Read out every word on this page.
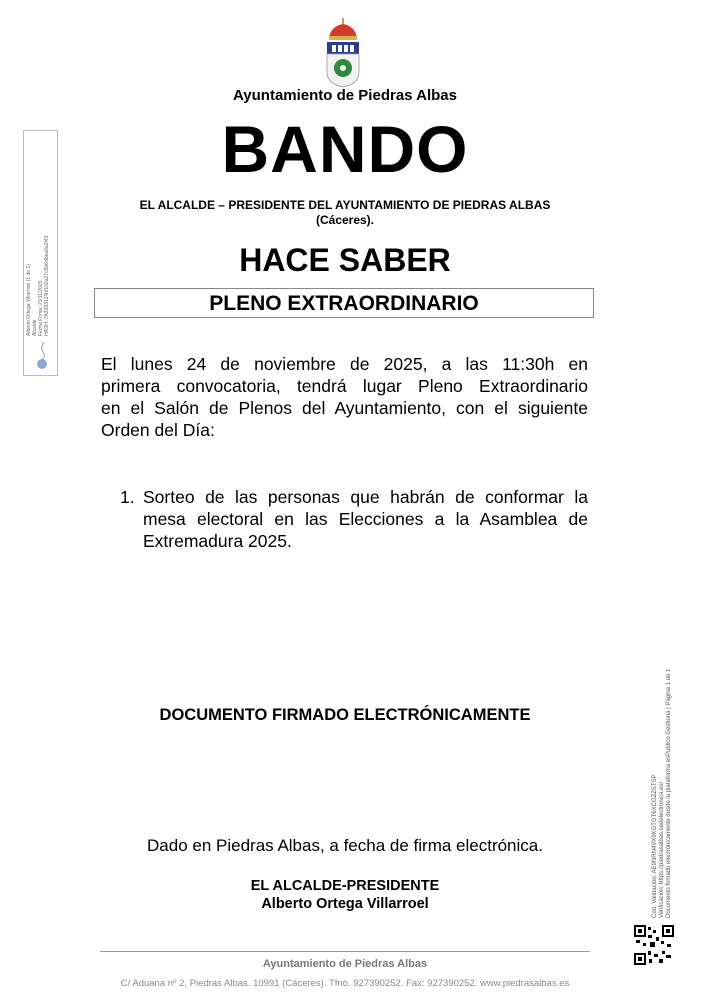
Ayuntamiento de Piedras Albas
BANDO
EL ALCALDE – PRESIDENTE DEL AYUNTAMIENTO DE PIEDRAS ALBAS
(Cáceres).
HACE SABER
PLENO EXTRAORDINARIO
El lunes 24 de noviembre de 2025, a las 11:30h en
primera convocatoria, tendrá lugar Pleno Extraordinario
en el Salón de Plenos del Ayuntamiento, con el siguiente
Orden del Día:
1. Sorteo de las personas que habrán de conformar la
mesa electoral en las Elecciones a la Asamblea de
Extremadura 2025.
DOCUMENTO FIRMADO ELECTRÓNICAMENTE
Dado en Piedras Albas, a fecha de firma electrónica.
EL ALCALDE-PRESIDENTE
Alberto Ortega Villarroel
Ayuntamiento de Piedras Albas
C/ Aduana nº 2, Piedras Albas. 10991 (Cáceres). Tfno. 927390252. Fax: 927390252. www.piedrasalbas.es
Alberto Ortega Villarroel (1 de 1) Alcalde Fecha Firma: 21/11/2025 HASH: 7A3393124bf1b2a27c5b6dbea8a2f43
Cód. Validación: AE9NRN4VX9KGTGT6XCGZZSTSP Verificación: https://piedrasalbas.sedelectronica.es/ Documento firmado electrónicamente desde la plataforma esPublico Gestiona | Página 1 de 1
